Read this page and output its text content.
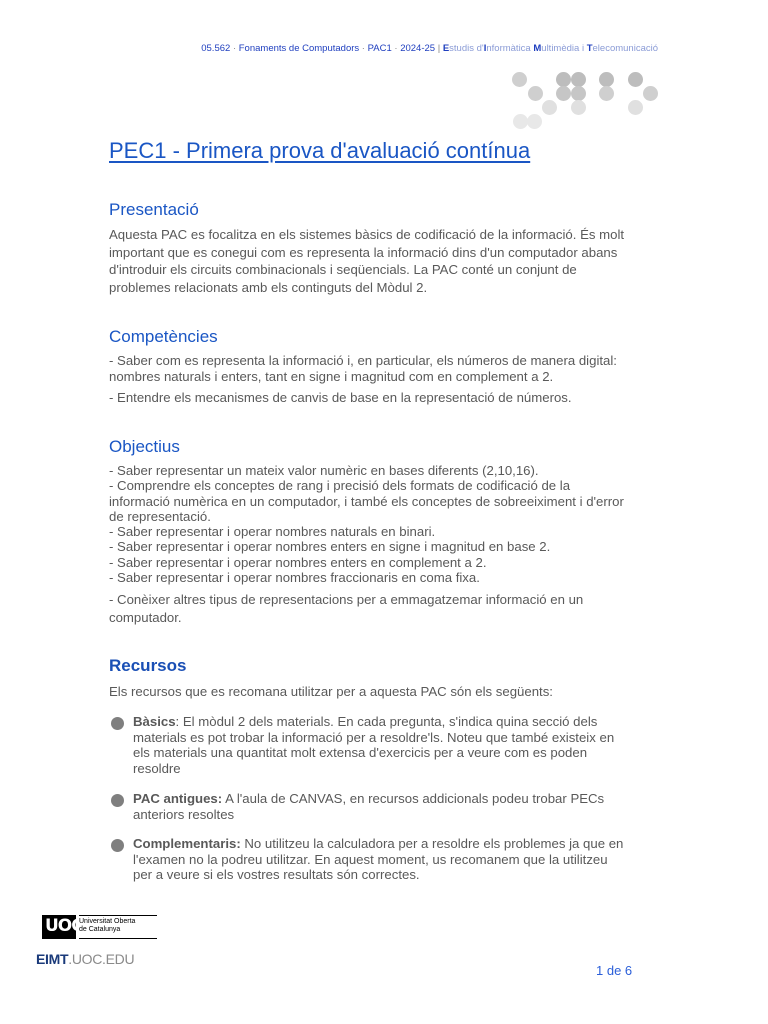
05.562 · Fonaments de Computadors · PAC1 · 2024-25 | Estudis d'Informàtica Multimèdia i Telecomunicació
PEC1 - Primera prova d'avaluació contínua
Presentació

Aquesta PAC es focalitza en els sistemes bàsics de codificació de la informació. És molt
important que es conegui com es representa la informació dins d'un computador abans
d'introduir els circuits combinacionals i seqüencials. La PAC conté un conjunt de
problemes relacionats amb els continguts del Mòdul 2.

Competències

- Saber com es representa la informació i, en particular, els números de manera digital:
nombres naturals i enters, tant en signe i magnitud com en complement a 2.

- Entendre els mecanismes de canvis de base en la representació de números.

Objectius

- Saber representar un mateix valor numèric en bases diferents (2,10,16).
- Comprendre els conceptes de rang i precisió dels formats de codificació de la
informació numèrica en un computador, i també els conceptes de sobreeiximent i d'error
de representació.
- Saber representar i operar nombres naturals en binari.
- Saber representar i operar nombres enters en signe i magnitud en base 2.
- Saber representar i operar nombres enters en complement a 2.
- Saber representar i operar nombres fraccionaris en coma fixa.

- Conèixer altres tipus de representacions per a emmagatzemar informació en un
computador.

Recursos

Els recursos que es recomana utilitzar per a aquesta PAC són els següents:

Bàsics: El mòdul 2 dels materials. En cada pregunta, s'indica quina secció dels
materials es pot trobar la informació per a resoldre'ls. Noteu que també existeix en
els materials una quantitat molt extensa d'exercicis per a veure com es poden
resoldre

PAC antigues: A l'aula de CANVAS, en recursos addicionals podeu trobar PECs
anteriors resoltes

Complementaris: No utilitzeu la calculadora per a resoldre els problemes ja que en
l'examen no la podreu utilitzar. En aquest moment, us recomanem que la utilitzeu
per a veure si els vostres resultats són correctes.

UOC
Universitat Oberta
de Catalunya
EIMT.UOC.EDU
1 de 6
